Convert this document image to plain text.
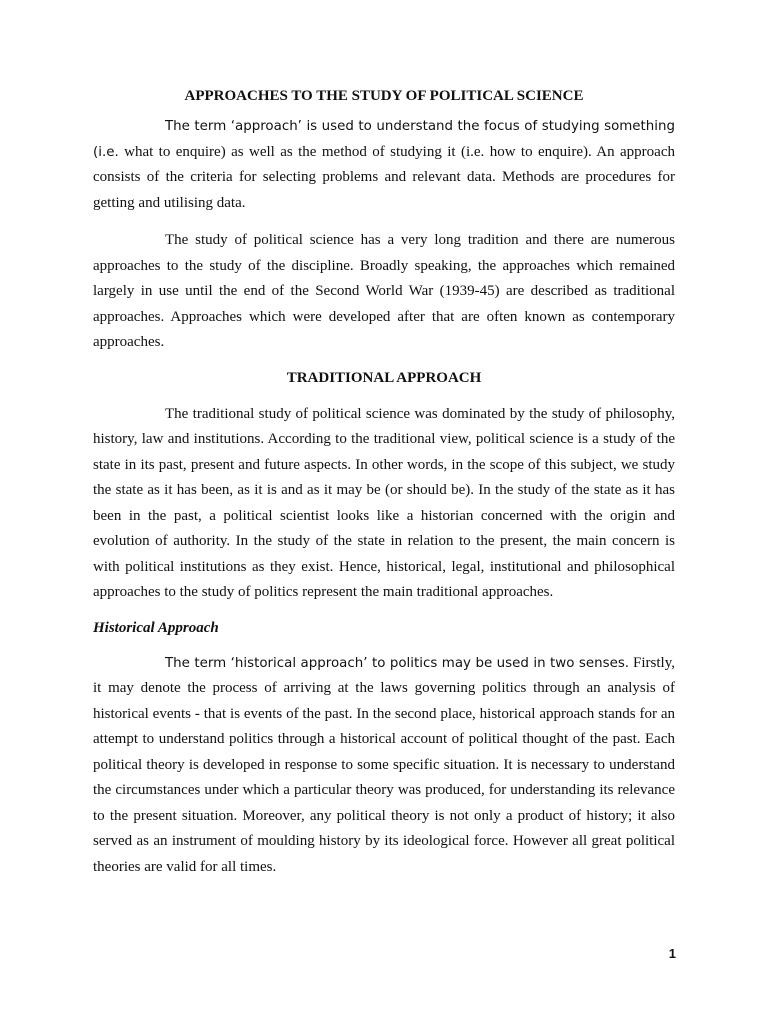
APPROACHES TO THE STUDY OF POLITICAL SCIENCE

The term ‘approach’ is used to understand the focus of studying something (i.e. what to enquire) as well as the method of studying it (i.e. how to enquire). An approach consists of the criteria for selecting problems and relevant data. Methods are procedures for getting and utilising data.

The study of political science has a very long tradition and there are numerous approaches to the study of the discipline. Broadly speaking, the approaches which remained largely in use until the end of the Second World War (1939-45) are described as traditional approaches. Approaches which were developed after that are often known as contemporary approaches.

TRADITIONAL APPROACH

The traditional study of political science was dominated by the study of philosophy, history, law and institutions. According to the traditional view, political science is a study of the state in its past, present and future aspects. In other words, in the scope of this subject, we study the state as it has been, as it is and as it may be (or should be). In the study of the state as it has been in the past, a political scientist looks like a historian concerned with the origin and evolution of authority. In the study of the state in relation to the present, the main concern is with political institutions as they exist. Hence, historical, legal, institutional and philosophical approaches to the study of politics represent the main traditional approaches.

Historical Approach

The term ‘historical approach’ to politics may be used in two senses. Firstly, it may denote the process of arriving at the laws governing politics through an analysis of historical events - that is events of the past. In the second place, historical approach stands for an attempt to understand politics through a historical account of political thought of the past. Each political theory is developed in response to some specific situation. It is necessary to understand the circumstances under which a particular theory was produced, for understanding its relevance to the present situation. Moreover, any political theory is not only a product of history; it also served as an instrument of moulding history by its ideological force. However all great political theories are valid for all times.

1
